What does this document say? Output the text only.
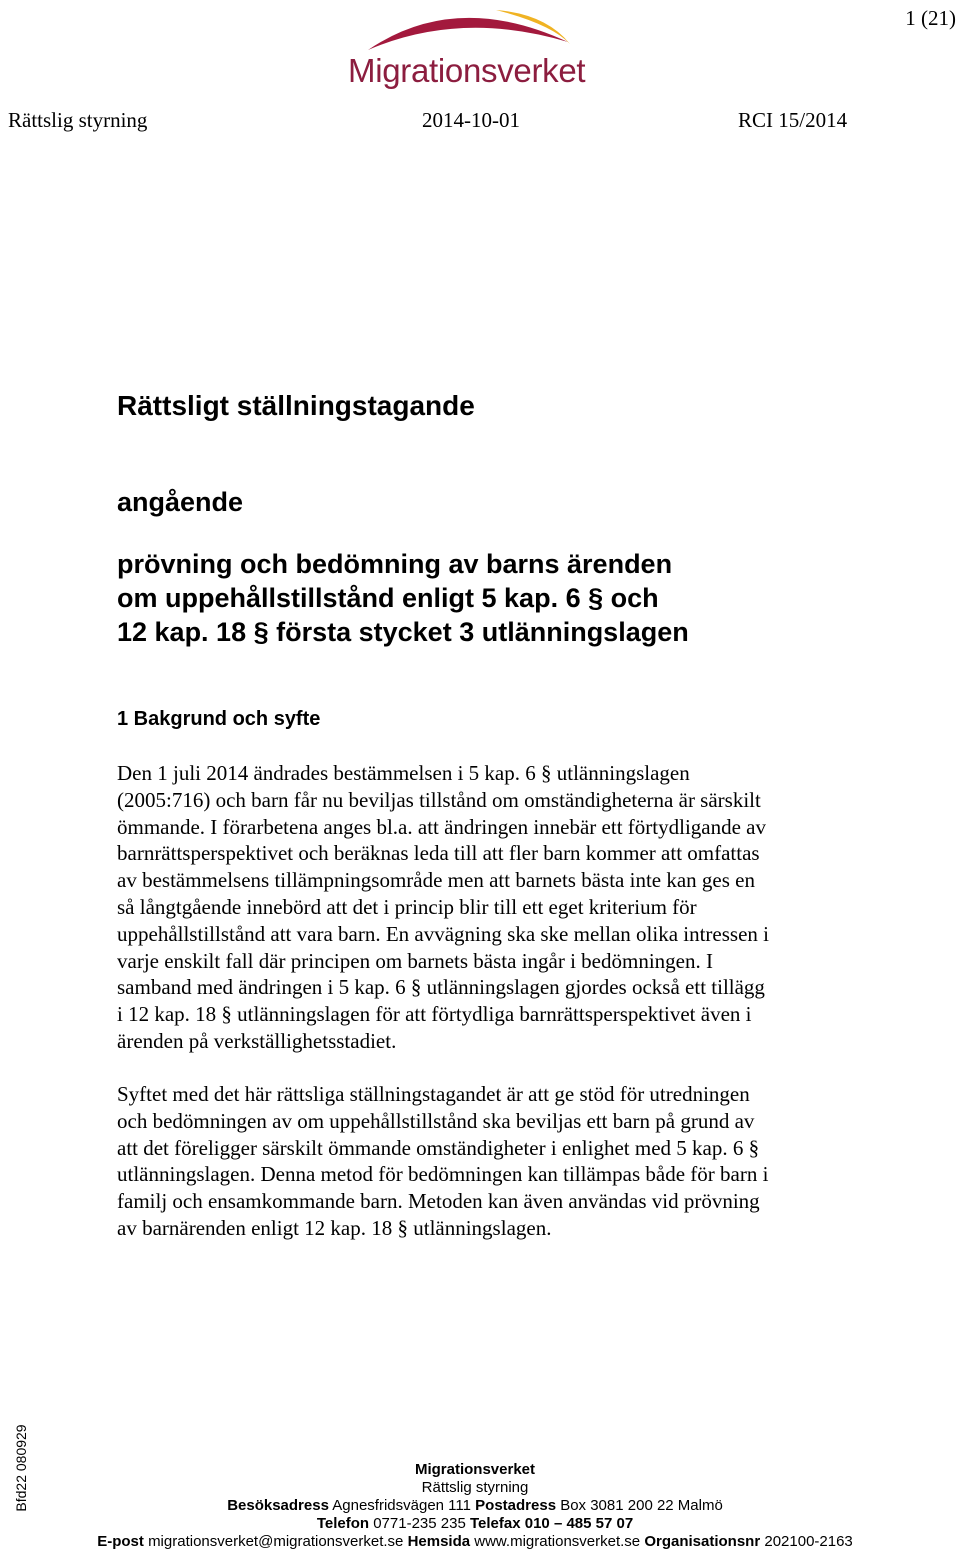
1 (21)
Migrationsverket
Rättslig styrning	2014-10-01	RCI 15/2014
Rättsligt ställningstagande
angående
prövning och bedömning av barns ärenden
om uppehållstillstånd enligt 5 kap. 6 § och
12 kap. 18 § första stycket 3 utlänningslagen
1 Bakgrund och syfte
Den 1 juli 2014 ändrades bestämmelsen i 5 kap. 6 § utlänningslagen
(2005:716) och barn får nu beviljas tillstånd om omständigheterna är särskilt
ömmande. I förarbetena anges bl.a. att ändringen innebär ett förtydligande av
barnrättsperspektivet och beräknas leda till att fler barn kommer att omfattas
av bestämmelsens tillämpningsområde men att barnets bästa inte kan ges en
så långtgående innebörd att det i princip blir till ett eget kriterium för
uppehållstillstånd att vara barn. En avvägning ska ske mellan olika intressen i
varje enskilt fall där principen om barnets bästa ingår i bedömningen. I
samband med ändringen i 5 kap. 6 § utlänningslagen gjordes också ett tillägg
i 12 kap. 18 § utlänningslagen för att förtydliga barnrättsperspektivet även i
ärenden på verkställighetsstadiet.
Syftet med det här rättsliga ställningstagandet är att ge stöd för utredningen
och bedömningen av om uppehållstillstånd ska beviljas ett barn på grund av
att det föreligger särskilt ömmande omständigheter i enlighet med 5 kap. 6 §
utlänningslagen. Denna metod för bedömningen kan tillämpas både för barn i
familj och ensamkommande barn. Metoden kan även användas vid prövning
av barnärenden enligt 12 kap. 18 § utlänningslagen.
Bfd22 080929	Migrationsverket
Rättslig styrning
Besöksadress Agnesfridsvägen 111 Postadress Box 3081 200 22 Malmö
Telefon 0771-235 235 Telefax 010 – 485 57 07
E-post migrationsverket@migrationsverket.se Hemsida www.migrationsverket.se Organisationsnr 202100-2163
